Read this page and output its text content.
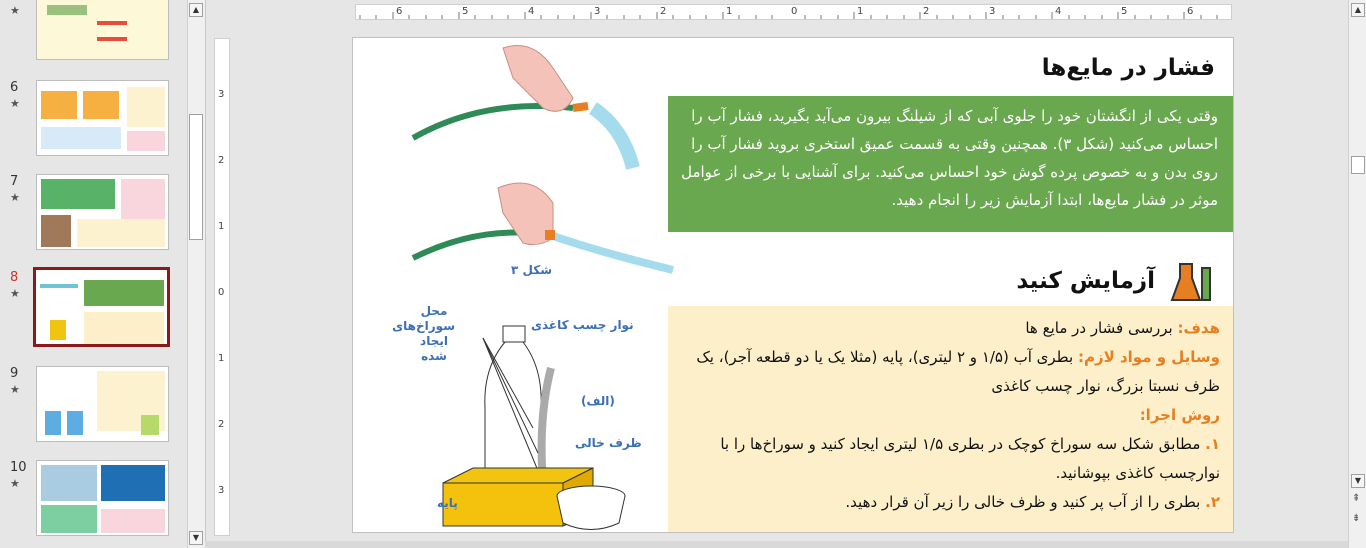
★
6
★
7
★
8
★
9
★
10
★
▲
▼
6	5	4	3	2	1	0	1	2	3	4	5	6
3
2
1
0
1
2
3
شکل ۳
محل سوراخ‌های ایجاد شده
نوار چسب کاغذی
(الف)
ظرف خالی
پایه
فشار در مایع‌ها
وقتی یکی از انگشتان خود را جلوی آبی که از شیلنگ بیرون می‌آید بگیرید، فشار آب را احساس می‌کنید (شکل ۳). همچنین وقتی به قسمت عمیق استخری بروید فشار آب را روی بدن و به خصوص پرده گوش خود احساس می‌کنید. برای آشنایی با برخی از عوامل موثر در فشار مایع‌ها، ابتدا آزمایش زیر را انجام دهید.
آزمایش کنید
هدف: بررسی فشار در مایع ها
وسایل و مواد لازم: بطری آب (۱/۵ و ۲ لیتری)، پایه (مثلا یک یا دو قطعه آجر)، یک ظرف نسبتا بزرگ، نوار چسب کاغذی
روش اجرا:
۱. مطابق شکل سه سوراخ کوچک در بطری ۱/۵ لیتری ایجاد کنید و سوراخ‌ها را با نوارچسب کاغذی بپوشانید.
۲. بطری را از آب پر کنید و ظرف خالی را زیر آن قرار دهید.
▲
▼
⇞
⇟
